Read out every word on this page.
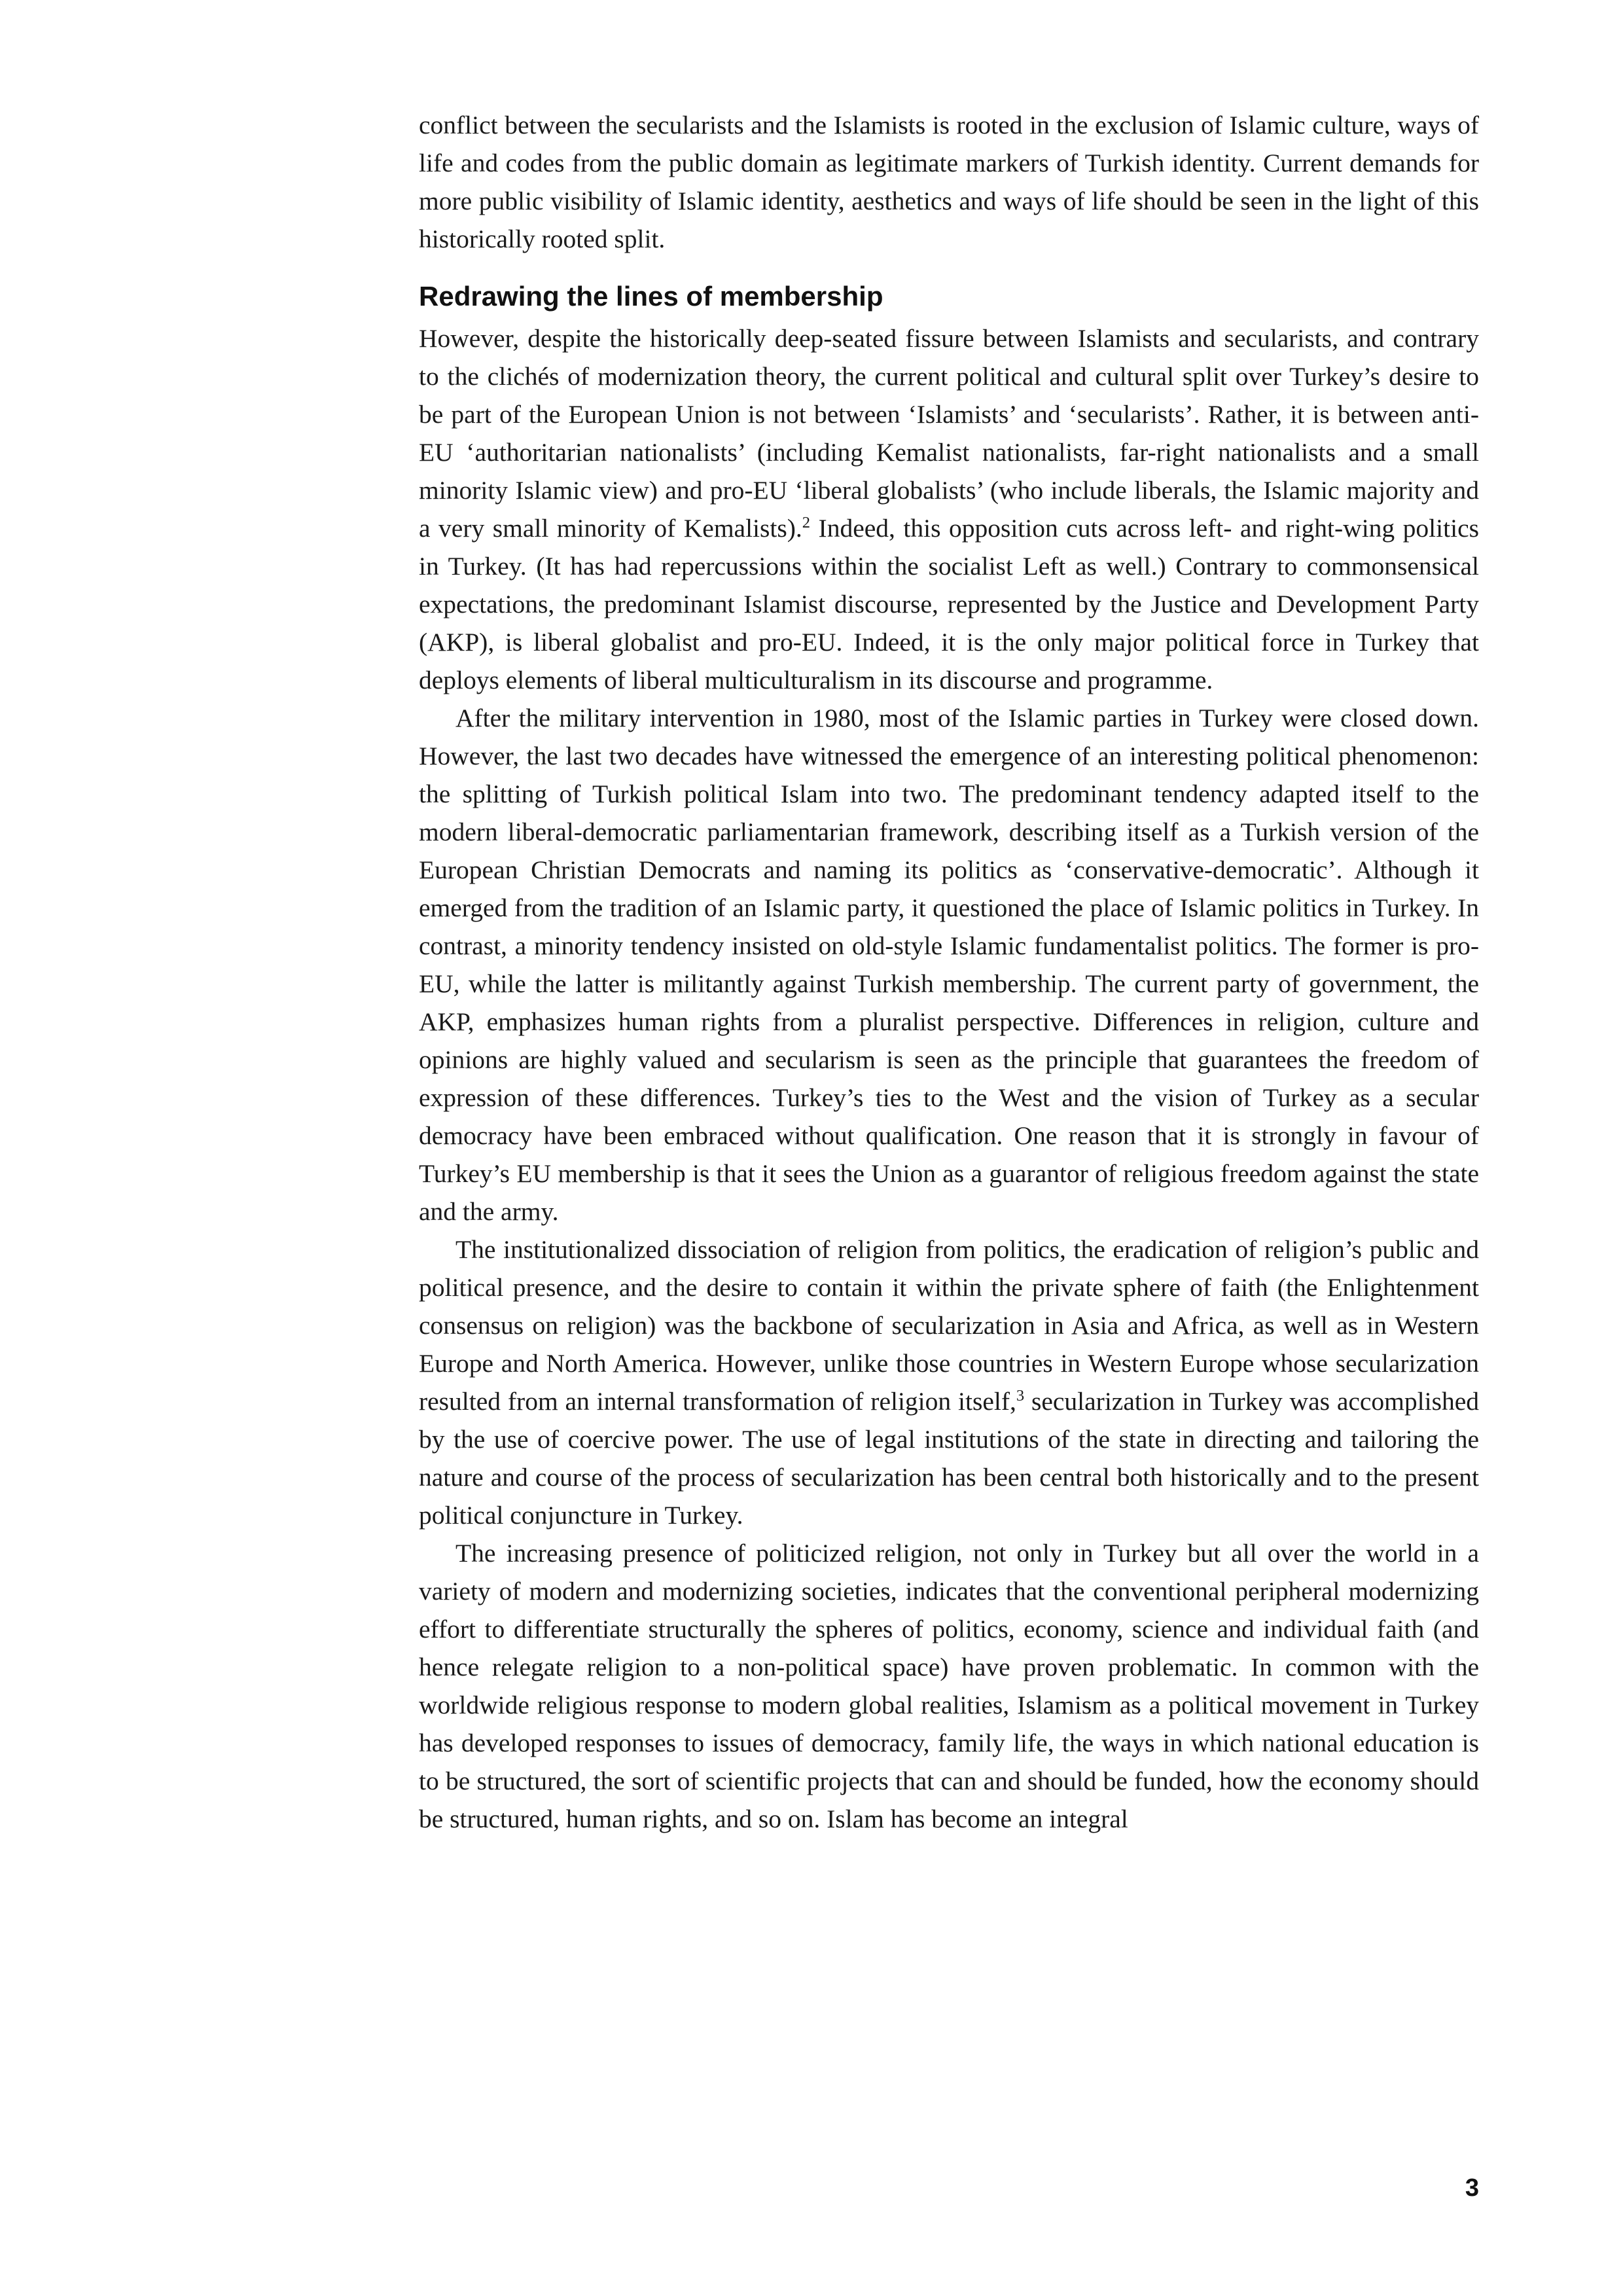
conflict between the secularists and the Islamists is rooted in the exclusion of Islamic culture, ways of life and codes from the public domain as legitimate markers of Turkish identity. Current demands for more public visibility of Islamic identity, aesthetics and ways of life should be seen in the light of this historically rooted split.

Redrawing the lines of membership

However, despite the historically deep-seated fissure between Islamists and secularists, and contrary to the clichés of modernization theory, the current political and cultural split over Turkey’s desire to be part of the European Union is not between ‘Islamists’ and ‘secularists’. Rather, it is between anti-EU ‘authoritarian nationalists’ (including Kemalist nationalists, far-right nationalists and a small minority Islamic view) and pro-EU ‘liberal globalists’ (who include liberals, the Islamic majority and a very small minority of Kemalists).$^2$ Indeed, this opposition cuts across left- and right-wing politics in Turkey. (It has had repercussions within the socialist Left as well.) Contrary to commonsensical expectations, the predominant Islamist discourse, represented by the Justice and Development Party (AKP), is liberal globalist and pro-EU. Indeed, it is the only major political force in Turkey that deploys elements of liberal multiculturalism in its discourse and programme.

After the military intervention in 1980, most of the Islamic parties in Turkey were closed down. However, the last two decades have witnessed the emergence of an interesting political phenomenon: the splitting of Turkish political Islam into two. The predominant tendency adapted itself to the modern liberal-democratic parliamentarian framework, describing itself as a Turkish version of the European Christian Democrats and naming its politics as ‘conservative-democratic’. Although it emerged from the tradition of an Islamic party, it questioned the place of Islamic politics in Turkey. In contrast, a minority tendency insisted on old-style Islamic fundamentalist politics. The former is pro-EU, while the latter is militantly against Turkish membership. The current party of government, the AKP, emphasizes human rights from a pluralist perspective. Differences in religion, culture and opinions are highly valued and secularism is seen as the principle that guarantees the freedom of expression of these differences. Turkey’s ties to the West and the vision of Turkey as a secular democracy have been embraced without qualification. One reason that it is strongly in favour of Turkey’s EU membership is that it sees the Union as a guarantor of religious freedom against the state and the army.

The institutionalized dissociation of religion from politics, the eradication of religion’s public and political presence, and the desire to contain it within the private sphere of faith (the Enlightenment consensus on religion) was the backbone of secularization in Asia and Africa, as well as in Western Europe and North America. However, unlike those countries in Western Europe whose secularization resulted from an internal transformation of religion itself,$^3$ secularization in Turkey was accomplished by the use of coercive power. The use of legal institutions of the state in directing and tailoring the nature and course of the process of secularization has been central both historically and to the present political conjuncture in Turkey.

The increasing presence of politicized religion, not only in Turkey but all over the world in a variety of modern and modernizing societies, indicates that the conventional peripheral modernizing effort to differentiate structurally the spheres of politics, economy, science and individual faith (and hence relegate religion to a non-political space) have proven problematic. In common with the worldwide religious response to modern global realities, Islamism as a political movement in Turkey has developed responses to issues of democracy, family life, the ways in which national education is to be structured, the sort of scientific projects that can and should be funded, how the economy should be structured, human rights, and so on. Islam has become an integral

3
